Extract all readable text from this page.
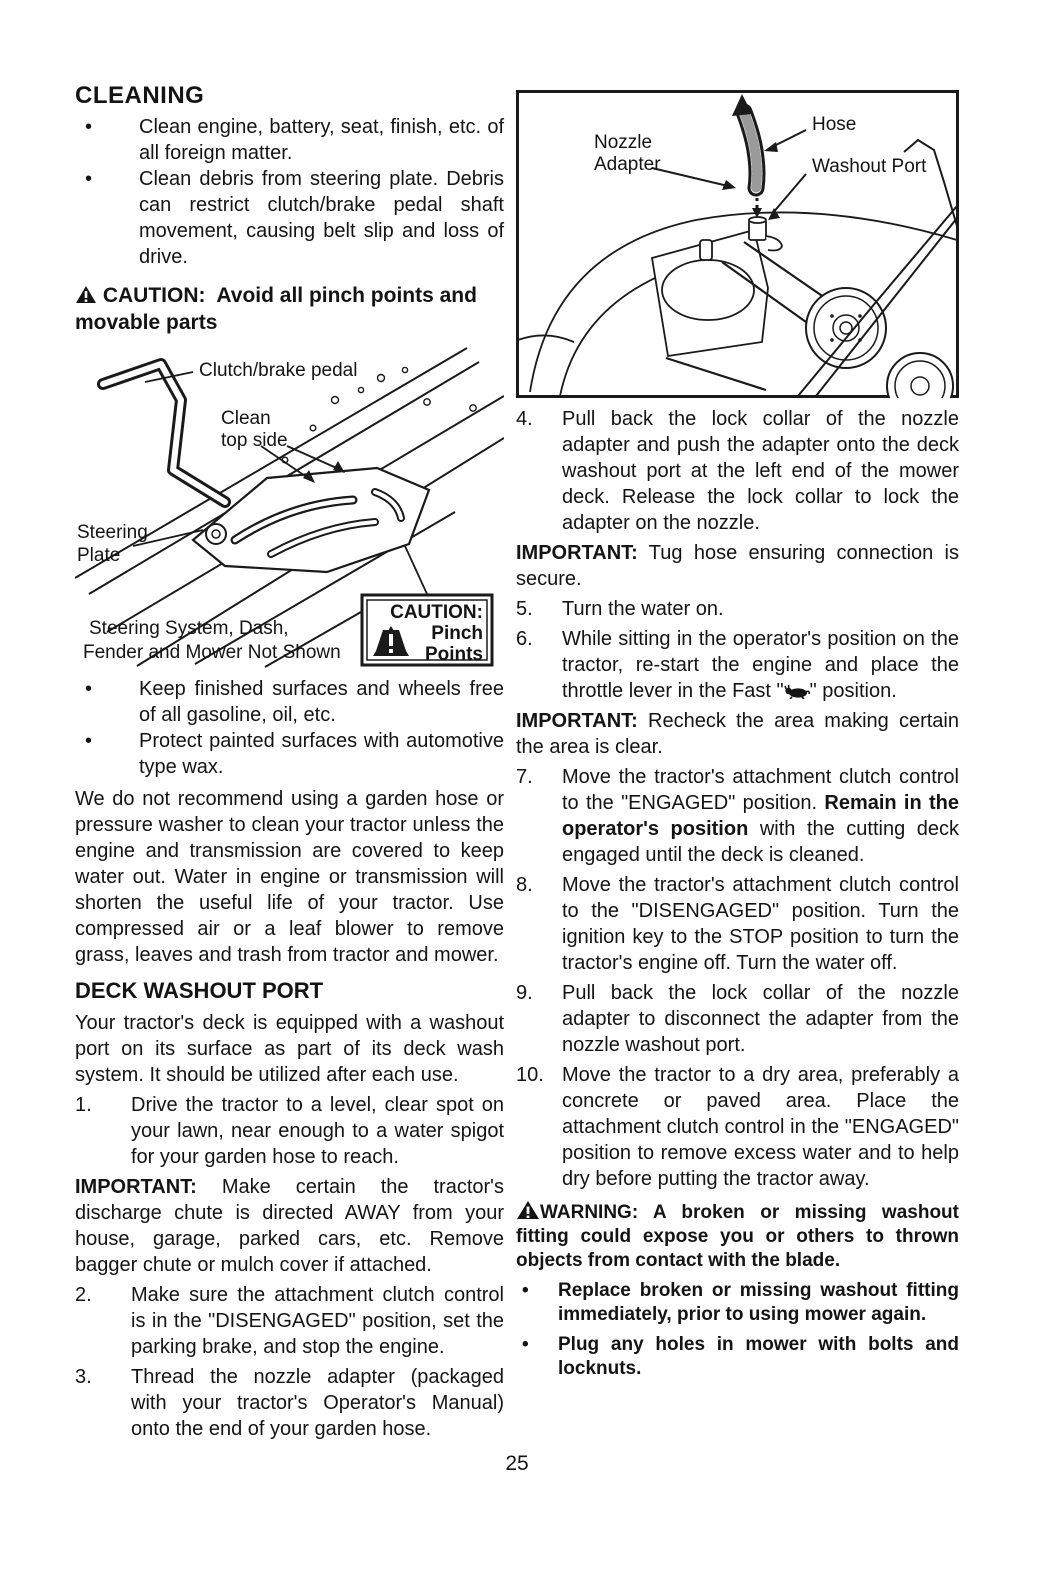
CLEANING
•	Clean engine, battery, seat, finish, etc. of all foreign matter.
•	Clean debris from steering plate. Debris can restrict clutch/brake pedal shaft movement, causing belt slip and loss of drive.

CAUTION: Avoid all pinch points and movable parts

Clutch/brake pedal
Clean
top side
Steering
Plate
Steering System, Dash,
Fender and Mower Not Shown
CAUTION:
Pinch
Points
•	Keep finished surfaces and wheels free of all gasoline, oil, etc.
•	Protect painted surfaces with automotive type wax.

We do not recommend using a garden hose or pressure washer to clean your tractor unless the engine and transmission are covered to keep water out. Water in engine or transmission will shorten the useful life of your tractor. Use compressed air or a leaf blower to remove grass, leaves and trash from tractor and mower.

DECK WASHOUT PORT

Your tractor's deck is equipped with a washout port on its surface as part of its deck wash system. It should be utilized after each use.

1.	Drive the tractor to a level, clear spot on your lawn, near enough to a water spigot for your garden hose to reach.

IMPORTANT: Make certain the tractor's discharge chute is directed AWAY from your house, garage, parked cars, etc. Remove bagger chute or mulch cover if attached.

2.	Make sure the attachment clutch control is in the "DISENGAGED" position, set the parking brake, and stop the engine.
3.	Thread the nozzle adapter (packaged with your tractor's Operator's Manual) onto the end of your garden hose.
Nozzle
Adapter
Hose
Washout Port
4.	Pull back the lock collar of the nozzle adapter and push the adapter onto the deck washout port at the left end of the mower deck. Release the lock collar to lock the adapter on the nozzle.

IMPORTANT: Tug hose ensuring connection is secure.

5.	Turn the water on.
6.	While sitting in the operator's position on the tractor, re-start the engine and place the throttle lever in the Fast " " position.

IMPORTANT: Recheck the area making certain the area is clear.

7.	Move the tractor's attachment clutch control to the "ENGAGED" position. Remain in the operator's position with the cutting deck engaged until the deck is cleaned.
8.	Move the tractor's attachment clutch control to the "DISENGAGED" position. Turn the ignition key to the STOP position to turn the tractor's engine off. Turn the water off.
9.	Pull back the lock collar of the nozzle adapter to disconnect the adapter from the nozzle washout port.
10. Move the tractor to a dry area, preferably a concrete or paved area. Place the attachment clutch control in the "ENGAGED" position to remove excess water and to help dry before putting the tractor away.

WARNING: A broken or missing washout fitting could expose you or others to thrown objects from contact with the blade.

•	Replace broken or missing washout fitting immediately, prior to using mower again.
•	Plug any holes in mower with bolts and locknuts.
25
